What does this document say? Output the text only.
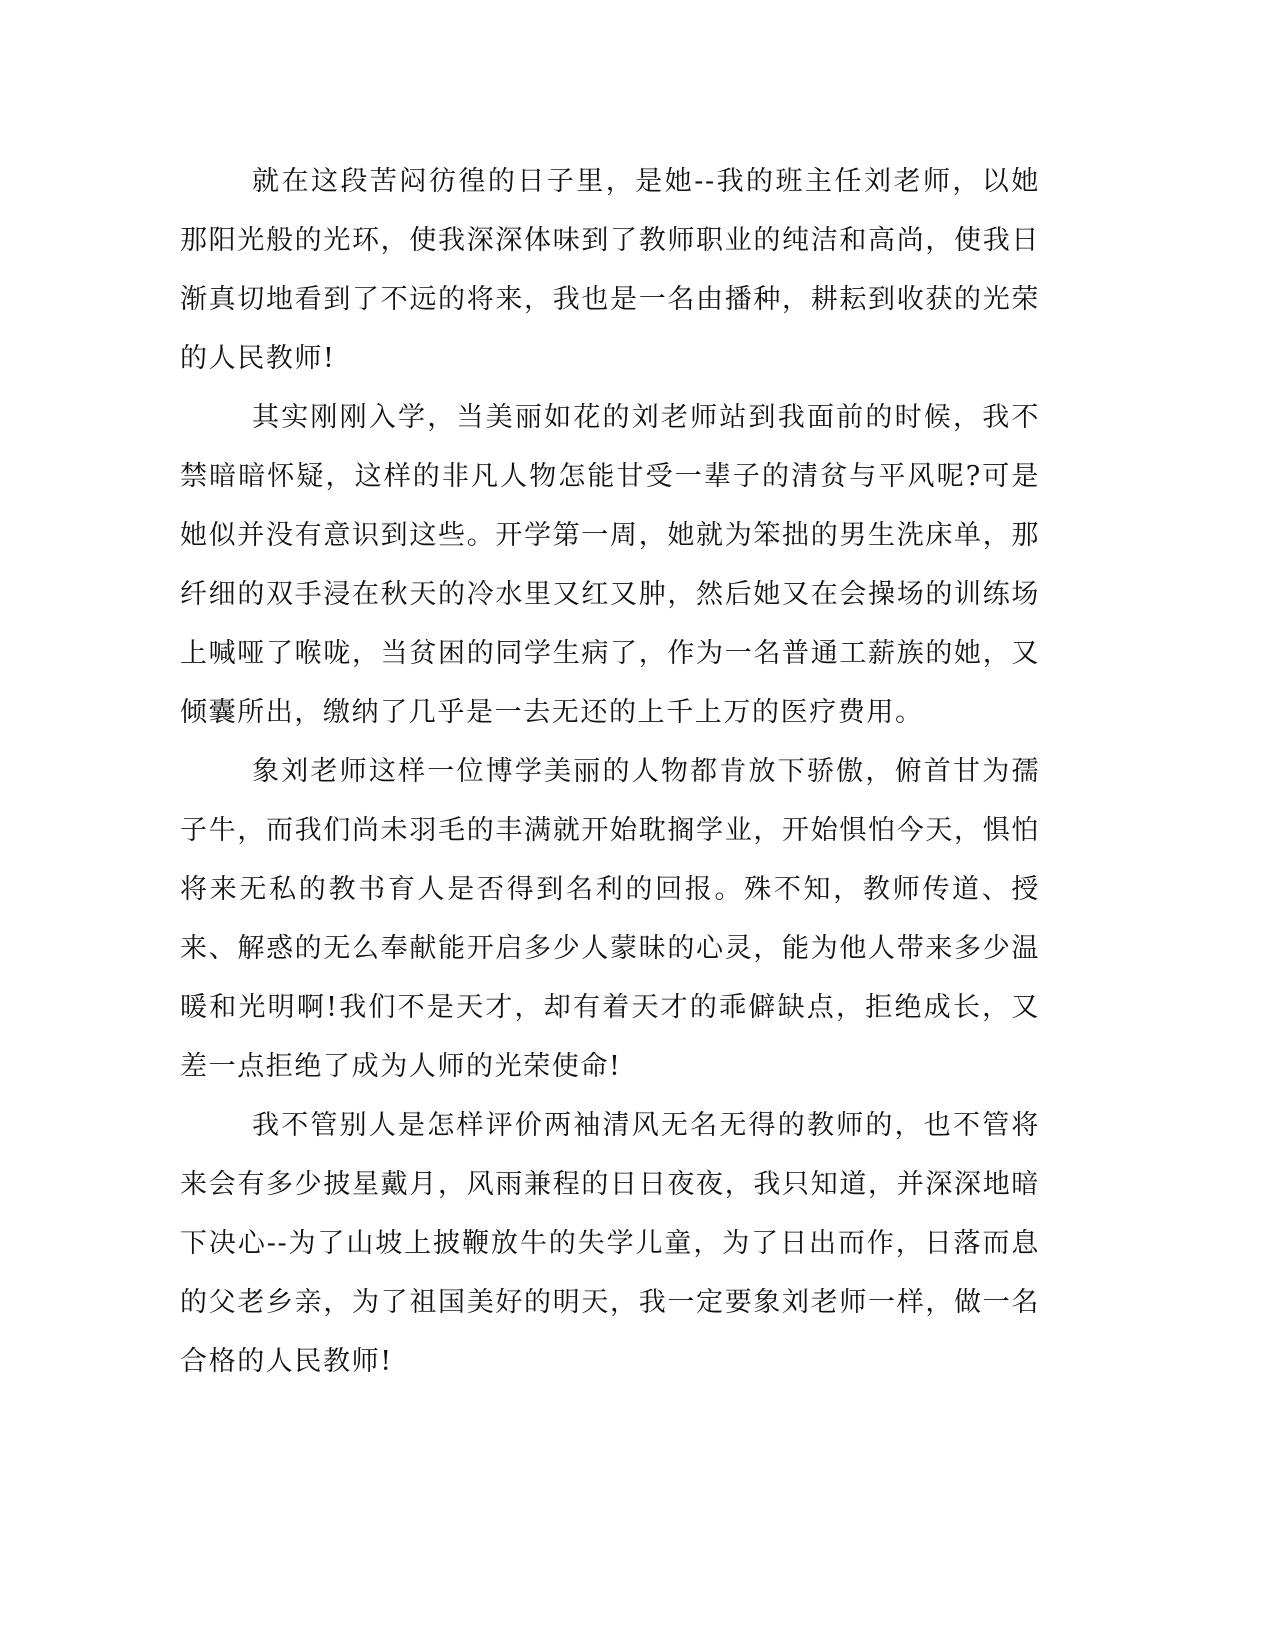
就在这段苦闷彷徨的日子里，是她--我的班主任刘老师，以她那阳光般的光环，使我深深体味到了教师职业的纯洁和高尚，使我日渐真切地看到了不远的将来，我也是一名由播种，耕耘到收获的光荣的人民教师!

其实刚刚入学，当美丽如花的刘老师站到我面前的时候，我不禁暗暗怀疑，这样的非凡人物怎能甘受一辈子的清贫与平风呢?可是她似并没有意识到这些。开学第一周，她就为笨拙的男生洗床单，那纤细的双手浸在秋天的冷水里又红又肿，然后她又在会操场的训练场上喊哑了喉咙，当贫困的同学生病了，作为一名普通工薪族的她，又倾囊所出，缴纳了几乎是一去无还的上千上万的医疗费用。

象刘老师这样一位博学美丽的人物都肯放下骄傲，俯首甘为孺子牛，而我们尚未羽毛的丰满就开始耽搁学业，开始惧怕今天，惧怕将来无私的教书育人是否得到名利的回报。殊不知，教师传道、授来、解惑的无么奉献能开启多少人蒙昧的心灵，能为他人带来多少温暖和光明啊!我们不是天才，却有着天才的乖僻缺点，拒绝成长，又差一点拒绝了成为人师的光荣使命!

我不管别人是怎样评价两袖清风无名无得的教师的，也不管将来会有多少披星戴月，风雨兼程的日日夜夜，我只知道，并深深地暗下决心--为了山坡上披鞭放牛的失学儿童，为了日出而作，日落而息的父老乡亲，为了祖国美好的明天，我一定要象刘老师一样，做一名合格的人民教师!
